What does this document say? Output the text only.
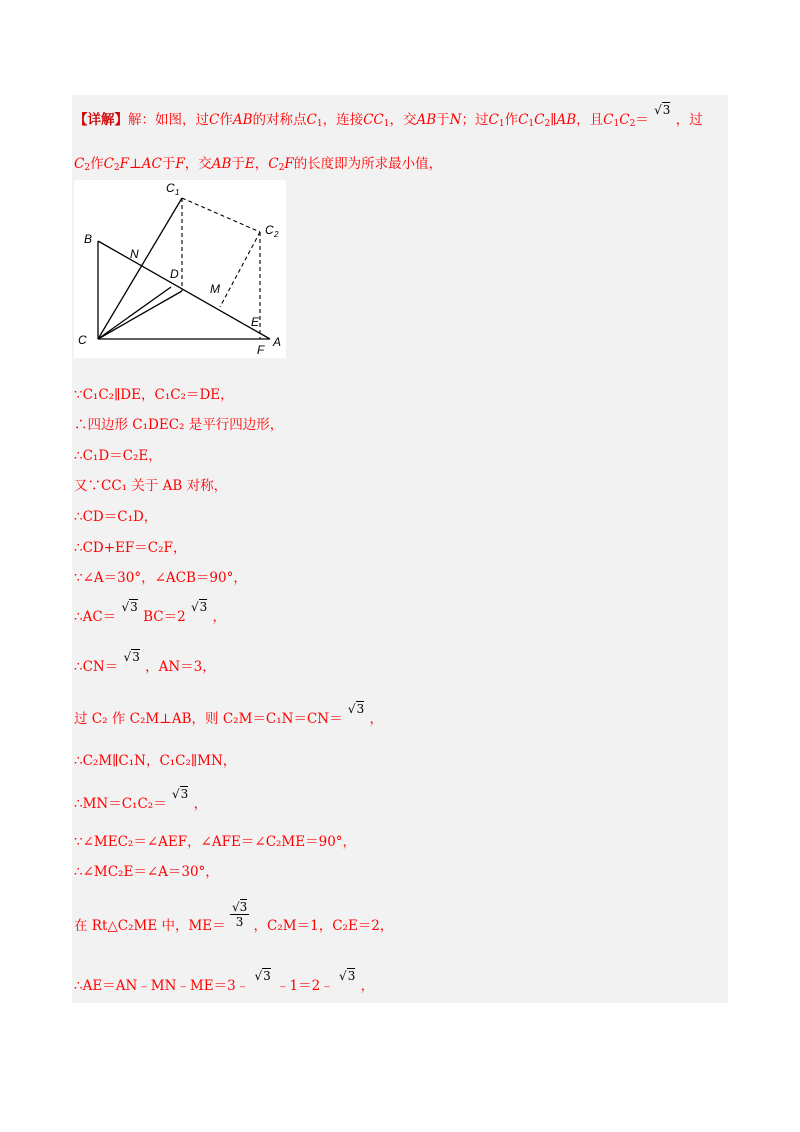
【详解】解：如图，过C作AB的对称点$C_1$，连接$CC_1$，交AB于N；过$C_1$作$C_1C_2\parallel AB$，且$C_1C_2= √3$ ，过
$C_2$作$C_2F\perp AC$于F，交AB于E，$C_2F$的长度即为所求最小值，
C 1
C 2
B
N
D
M
E
C
F
A
∵C₁C₂∥DE，C₁C₂＝DE，
∴四边形 C₁DEC₂ 是平行四边形，
∴C₁D＝C₂E，
又∵CC₁ 关于 AB 对称，
∴CD＝C₁D，
∴CD+EF＝C₂F，
∵∠A＝30°，∠ACB＝90°，
∴AC＝ √3 BC＝2 √3 ，
∴CN＝ √3 ，AN＝3，
过 C₂ 作 C₂M⊥AB，则 C₂M＝C₁N＝CN＝ √3 ，
∴C₂M∥C₁N，C₁C₂∥MN，
∴MN＝C₁C₂＝ √3 ，
∵∠MEC₂＝∠AEF，∠AFE＝∠C₂ME＝90°，
∴∠MC₂E＝∠A＝30°，
在 Rt△C₂ME 中，$ME= \frac{√3}{3}$ ，C₂M＝1，C₂E＝2，
∴AE＝AN﹣MN﹣ME＝3﹣ √3 ﹣1＝2﹣ √3 ，
